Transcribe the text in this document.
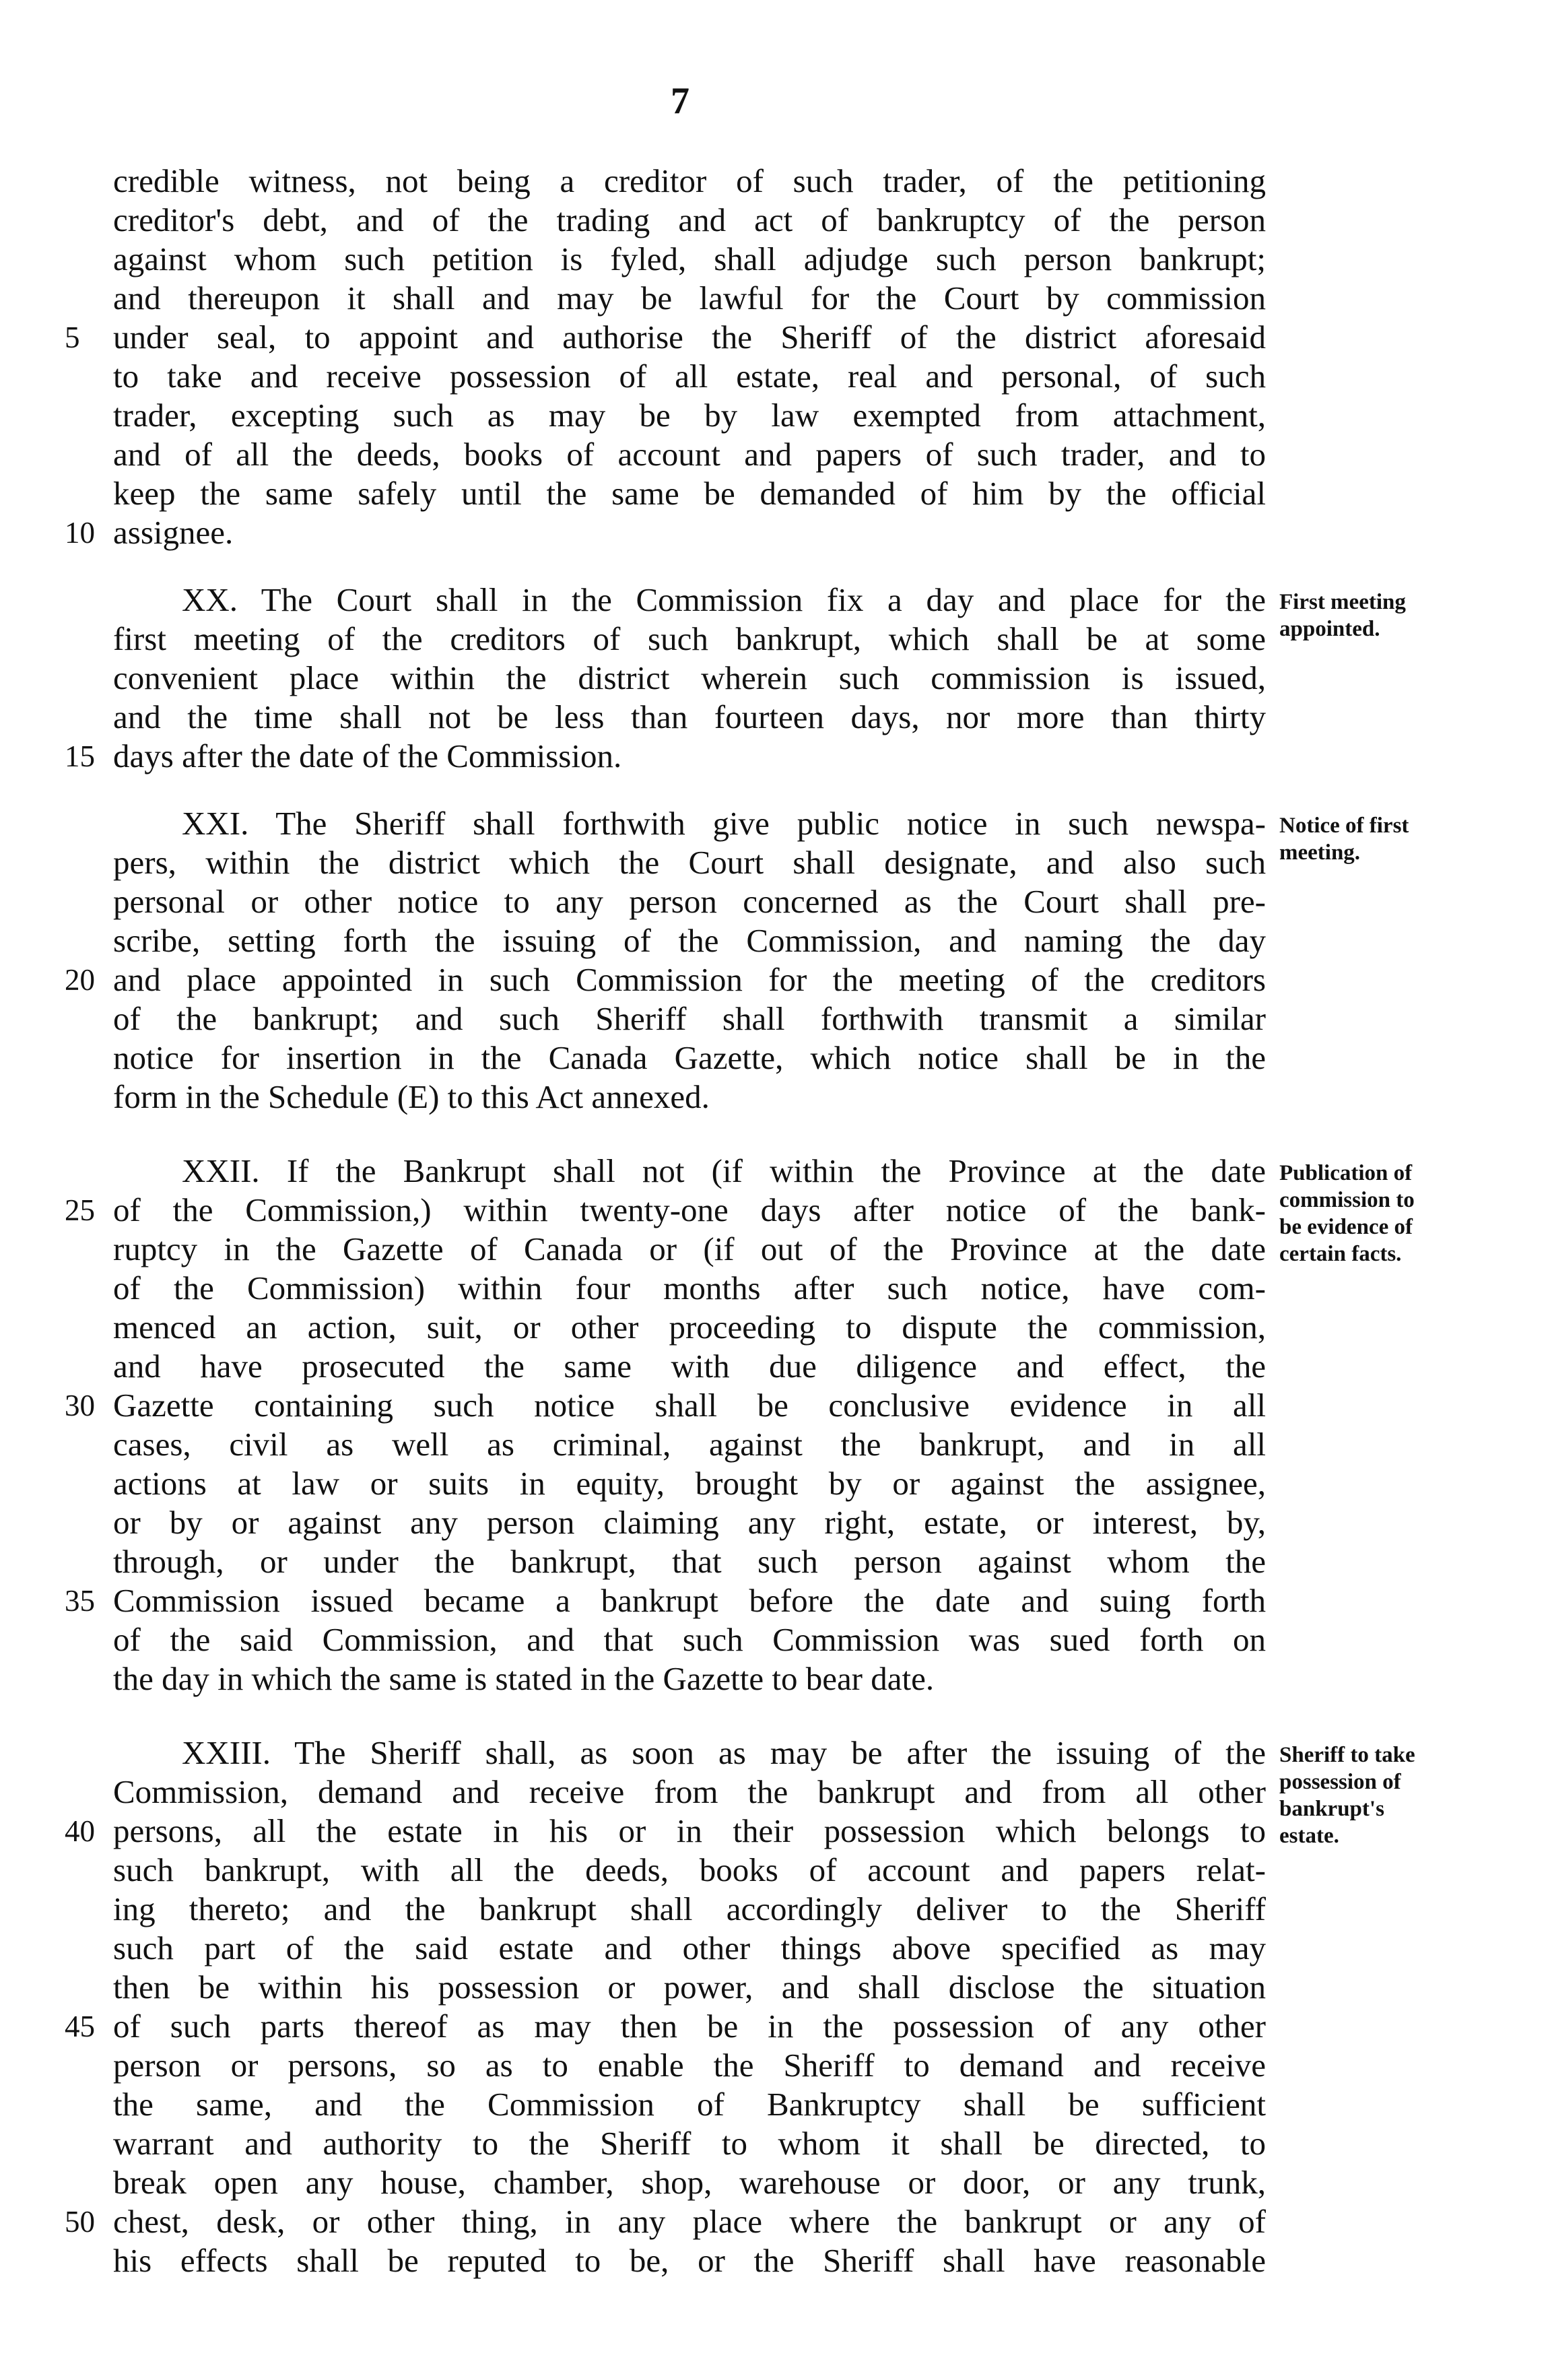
7
credible witness, not being a creditor of such trader, of the petitioning
creditor's debt, and of the trading and act of bankruptcy of the person
against whom such petition is fyled, shall adjudge such person bankrupt;
and thereupon it shall and may be lawful for the Court by commission
under seal, to appoint and authorise the Sheriff of the district aforesaid
to take and receive possession of all estate, real and personal, of such
trader, excepting such as may be by law exempted from attachment,
and of all the deeds, books of account and papers of such trader, and to
keep the same safely until the same be demanded of him by the official
assignee.
XX. The Court shall in the Commission fix a day and place for the
first meeting of the creditors of such bankrupt, which shall be at some
convenient place within the district wherein such commission is issued,
and the time shall not be less than fourteen days, nor more than thirty
days after the date of the Commission.
XXI. The Sheriff shall forthwith give public notice in such newspa-
pers, within the district which the Court shall designate, and also such
personal or other notice to any person concerned as the Court shall pre-
scribe, setting forth the issuing of the Commission, and naming the day
and place appointed in such Commission for the meeting of the creditors
of the bankrupt; and such Sheriff shall forthwith transmit a similar
notice for insertion in the Canada Gazette, which notice shall be in the
form in the Schedule (E) to this Act annexed.
XXII. If the Bankrupt shall not (if within the Province at the date
of the Commission,) within twenty-one days after notice of the bank-
ruptcy in the Gazette of Canada or (if out of the Province at the date
of the Commission) within four months after such notice, have com-
menced an action, suit, or other proceeding to dispute the commission,
and have prosecuted the same with due diligence and effect, the
Gazette containing such notice shall be conclusive evidence in all
cases, civil as well as criminal, against the bankrupt, and in all
actions at law or suits in equity, brought by or against the assignee,
or by or against any person claiming any right, estate, or interest, by,
through, or under the bankrupt, that such person against whom the
Commission issued became a bankrupt before the date and suing forth
of the said Commission, and that such Commission was sued forth on
the day in which the same is stated in the Gazette to bear date.
XXIII. The Sheriff shall, as soon as may be after the issuing of the
Commission, demand and receive from the bankrupt and from all other
persons, all the estate in his or in their possession which belongs to
such bankrupt, with all the deeds, books of account and papers relat-
ing thereto; and the bankrupt shall accordingly deliver to the Sheriff
such part of the said estate and other things above specified as may
then be within his possession or power, and shall disclose the situation
of such parts thereof as may then be in the possession of any other
person or persons, so as to enable the Sheriff to demand and receive
the same, and the Commission of Bankruptcy shall be sufficient
warrant and authority to the Sheriff to whom it shall be directed, to
break open any house, chamber, shop, warehouse or door, or any trunk,
chest, desk, or other thing, in any place where the bankrupt or any of
his effects shall be reputed to be, or the Sheriff shall have reasonable
5
10
15
20
25
30
35
40
45
50
First meeting
appointed.
Notice of first
meeting.
Publication of
commission to
be evidence of
certain facts.
Sheriff to take
possession of
bankrupt's
estate.
